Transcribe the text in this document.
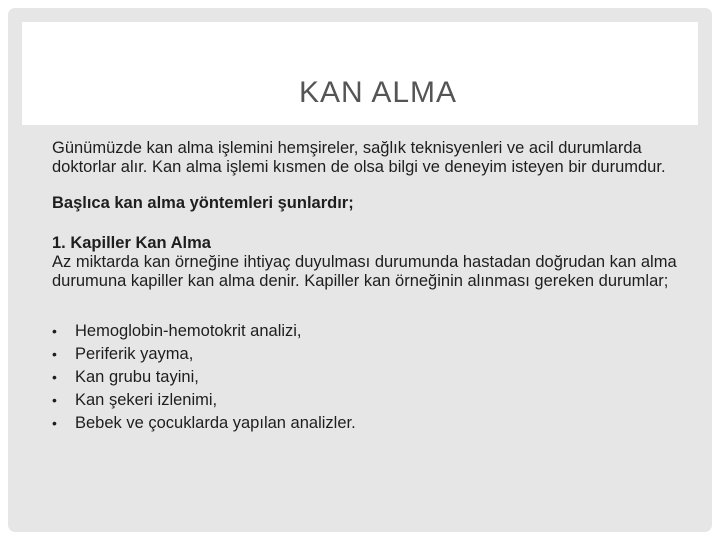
KAN ALMA

Günümüzde kan alma işlemini hemşireler, sağlık teknisyenleri ve acil durumlarda doktorlar alır. Kan alma işlemi kısmen de olsa bilgi ve deneyim isteyen bir durumdur.

Başlıca kan alma yöntemleri şunlardır;

1. Kapiller Kan Alma

Az miktarda kan örneğine ihtiyaç duyulması durumunda hastadan doğrudan kan alma durumuna kapiller kan alma denir. Kapiller kan örneğinin alınması gereken durumlar;

•	Hemoglobin-hemotokrit analizi,
•	Periferik yayma,
•	Kan grubu tayini,
•	Kan şekeri izlenimi,
•	Bebek ve çocuklarda yapılan analizler.
